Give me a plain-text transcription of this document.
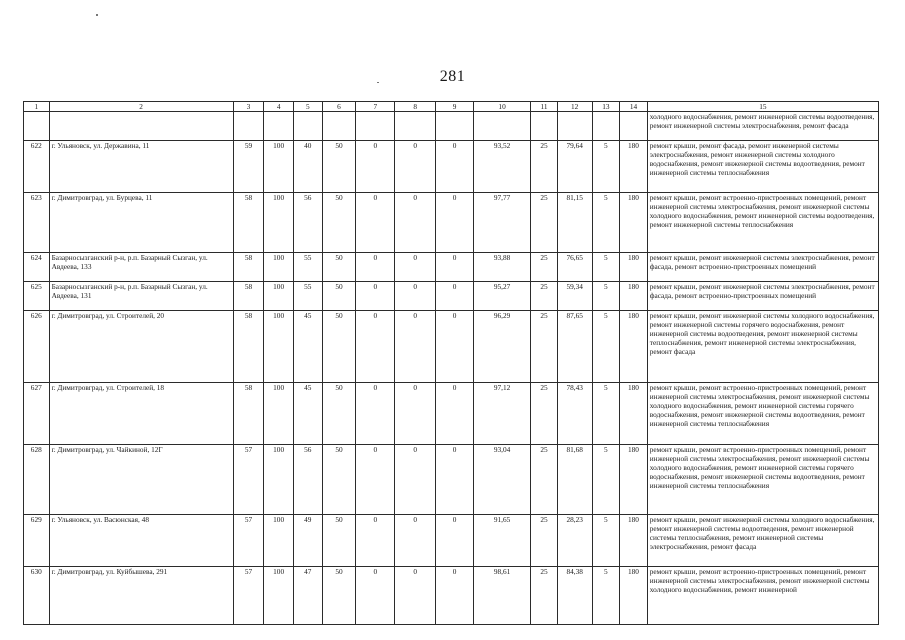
281
1	2	3	4	5	6	7	8	9	10	11	12	13	14	15
														холодного водоснабжения, ремонт инженерной системы водоотведения, ремонт инженерной системы электроснабжения, ремонт фасада
622	г. Ульяновск, ул. Державина, 11	59	100	40	50	0	0	0	93,52	25	79,64	5	180	ремонт крыши, ремонт фасада, ремонт инженерной системы электроснабжения, ремонт инженерной системы холодного водоснабжения, ремонт инженерной системы водоотведения, ремонт инженерной системы теплоснабжения
623	г. Димитровград, ул. Бурцева, 11	58	100	56	50	0	0	0	97,77	25	81,15	5	180	ремонт крыши, ремонт встроенно-пристроенных помещений, ремонт инженерной системы электроснабжения, ремонт инженерной системы холодного водоснабжения, ремонт инженерной системы водоотведения, ремонт инженерной системы теплоснабжения
624	Базарносызганский р-н, р.п. Базарный Сызган, ул. Авдеева, 133	58	100	55	50	0	0	0	93,88	25	76,65	5	180	ремонт крыши, ремонт инженерной системы электроснабжения, ремонт фасада, ремонт встроенно-пристроенных помещений
625	Базарносызганский р-н, р.п. Базарный Сызган, ул. Авдеева, 131	58	100	55	50	0	0	0	95,27	25	59,34	5	180	ремонт крыши, ремонт инженерной системы электроснабжения, ремонт фасада, ремонт встроенно-пристроенных помещений
626	г. Димитровград, ул. Строителей, 20	58	100	45	50	0	0	0	96,29	25	87,65	5	180	ремонт крыши, ремонт инженерной системы холодного водоснабжения, ремонт инженерной системы горячего водоснабжения, ремонт инженерной системы водоотведения, ремонт инженерной системы теплоснабжения, ремонт инженерной системы электроснабжения, ремонт фасада
627	г. Димитровград, ул. Строителей, 18	58	100	45	50	0	0	0	97,12	25	78,43	5	180	ремонт крыши, ремонт встроенно-пристроенных помещений, ремонт инженерной системы электроснабжения, ремонт инженерной системы холодного водоснабжения, ремонт инженерной системы горячего водоснабжения, ремонт инженерной системы водоотведения, ремонт инженерной системы теплоснабжения
628	г. Димитровград, ул. Чайкиной, 12Г	57	100	56	50	0	0	0	93,04	25	81,68	5	180	ремонт крыши, ремонт встроенно-пристроенных помещений, ремонт инженерной системы электроснабжения, ремонт инженерной системы холодного водоснабжения, ремонт инженерной системы горячего водоснабжения, ремонт инженерной системы водоотведения, ремонт инженерной системы теплоснабжения
629	г. Ульяновск, ул. Васюнская, 48	57	100	49	50	0	0	0	91,65	25	28,23	5	180	ремонт крыши, ремонт инженерной системы холодного водоснабжения, ремонт инженерной системы водоотведения, ремонт инженерной системы теплоснабжения, ремонт инженерной системы электроснабжения, ремонт фасада
630	г. Димитровград, ул. Куйбышева, 291	57	100	47	50	0	0	0	98,61	25	84,38	5	180	ремонт крыши, ремонт встроенно-пристроенных помещений, ремонт инженерной системы электроснабжения, ремонт инженерной системы холодного водоснабжения, ремонт инженерной
